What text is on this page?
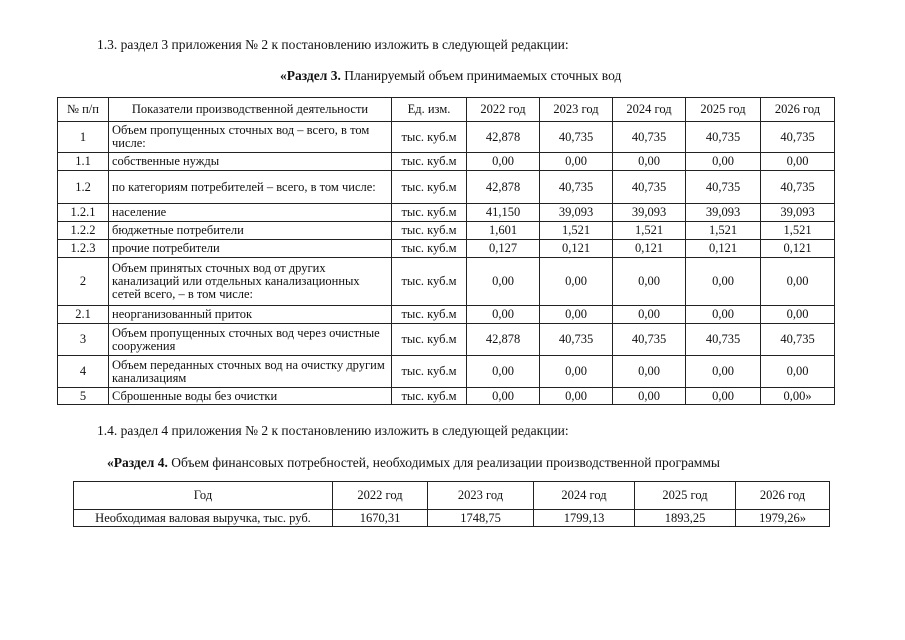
1.3. раздел 3 приложения № 2 к постановлению изложить в следующей редакции:
«Раздел 3. Планируемый объем принимаемых сточных вод
№ п/п	Показатели производственной деятельности	Ед. изм.	2022 год	2023 год	2024 год	2025 год	2026 год
1	Объем пропущенных сточных вод – всего, в том числе:	тыс. куб.м	42,878	40,735	40,735	40,735	40,735
1.1	собственные нужды	тыс. куб.м	0,00	0,00	0,00	0,00	0,00
1.2	по категориям потребителей – всего, в том числе:	тыс. куб.м	42,878	40,735	40,735	40,735	40,735
1.2.1	население	тыс. куб.м	41,150	39,093	39,093	39,093	39,093
1.2.2	бюджетные потребители	тыс. куб.м	1,601	1,521	1,521	1,521	1,521
1.2.3	прочие потребители	тыс. куб.м	0,127	0,121	0,121	0,121	0,121
2	Объем принятых сточных вод от других канализаций или отдельных канализационных сетей всего, – в том числе:	тыс. куб.м	0,00	0,00	0,00	0,00	0,00
2.1	неорганизованный приток	тыс. куб.м	0,00	0,00	0,00	0,00	0,00
3	Объем пропущенных сточных вод через очистные сооружения	тыс. куб.м	42,878	40,735	40,735	40,735	40,735
4	Объем переданных сточных вод на очистку другим канализациям	тыс. куб.м	0,00	0,00	0,00	0,00	0,00
5	Сброшенные воды без очистки	тыс. куб.м	0,00	0,00	0,00	0,00	0,00»
1.4. раздел 4 приложения № 2 к постановлению изложить в следующей редакции:
«Раздел 4. Объем финансовых потребностей, необходимых для реализации производственной программы
Год	2022 год	2023 год	2024 год	2025 год	2026 год
Необходимая валовая выручка, тыс. руб.	1670,31	1748,75	1799,13	1893,25	1979,26»
